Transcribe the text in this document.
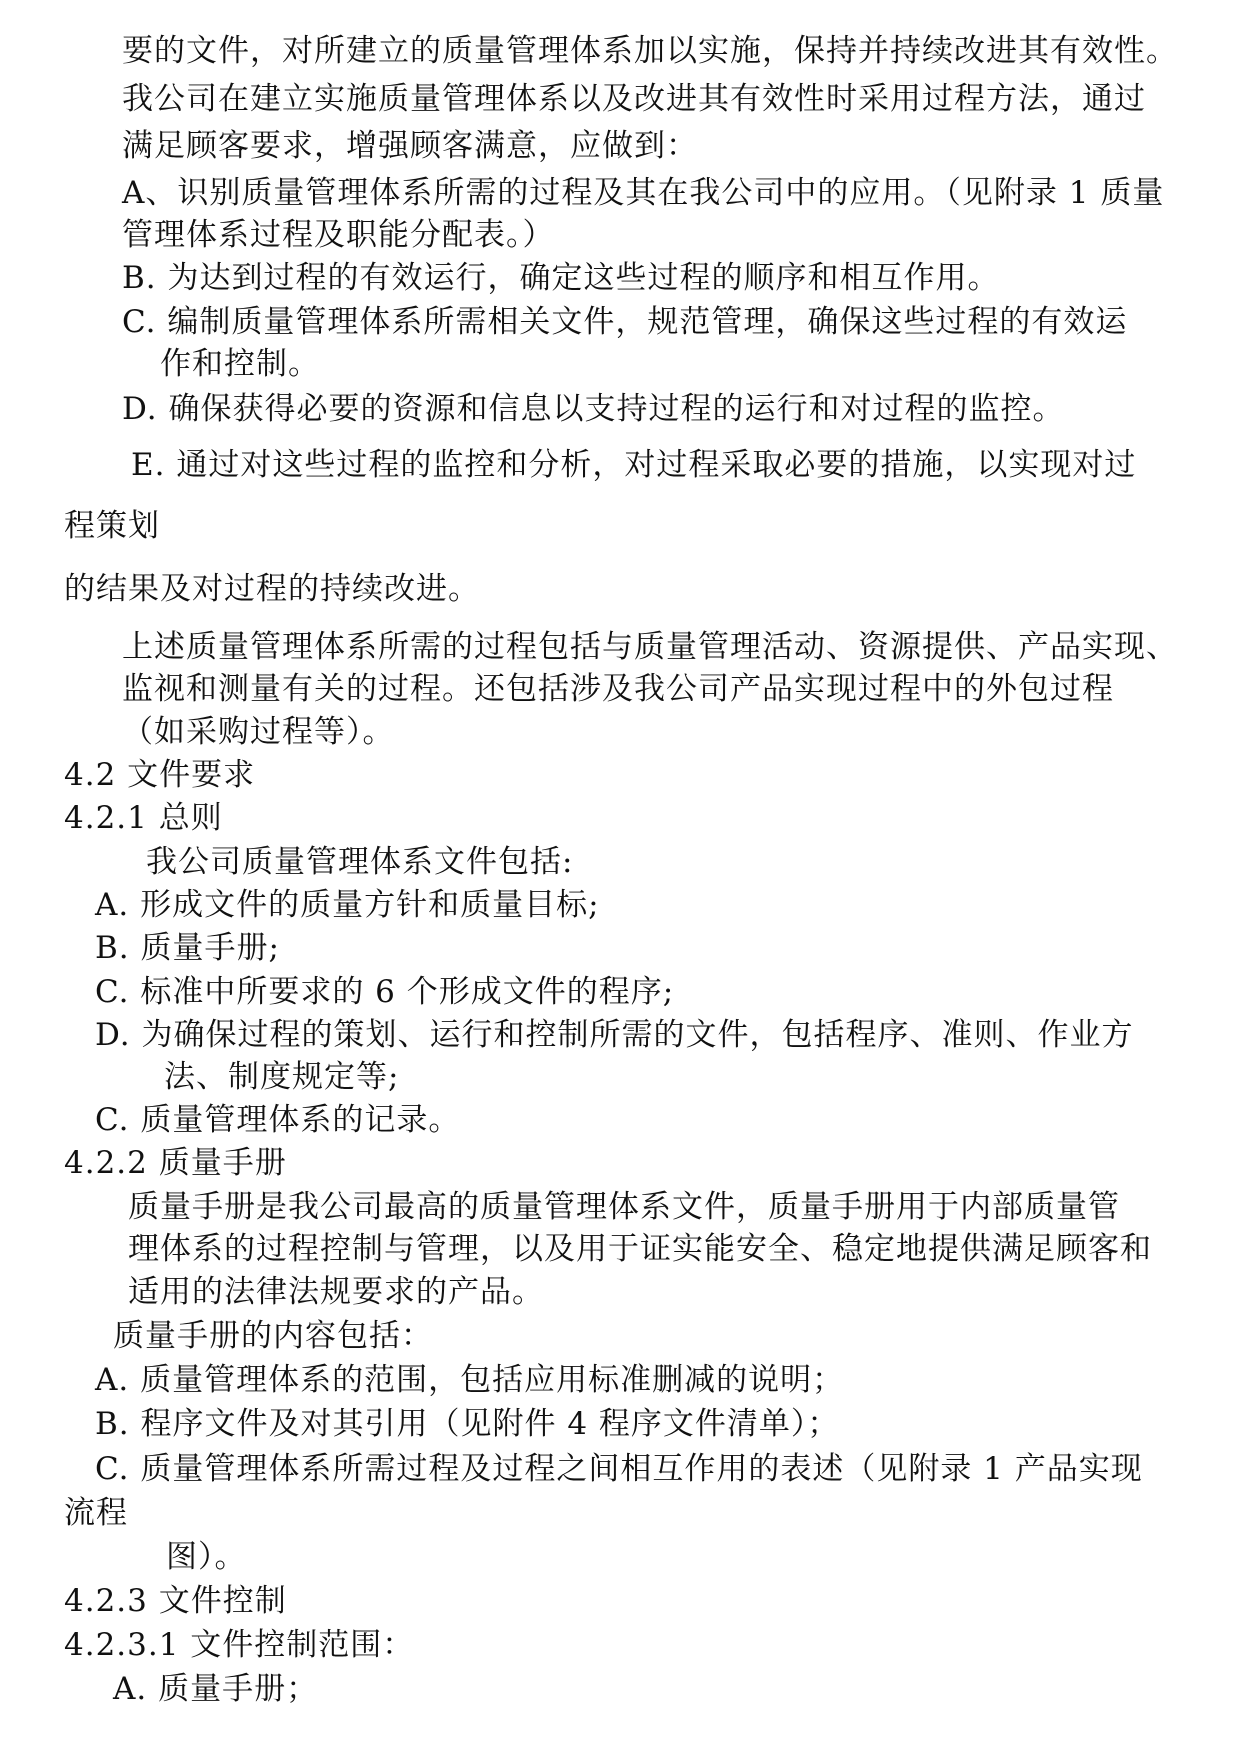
要的文件，对所建立的质量管理体系加以实施，保持并持续改进其有效性。
我公司在建立实施质量管理体系以及改进其有效性时采用过程方法，通过
满足顾客要求，增强顾客满意，应做到：
A、识别质量管理体系所需的过程及其在我公司中的应用。（见附录 1 质量
管理体系过程及职能分配表。）
B. 为达到过程的有效运行，确定这些过程的顺序和相互作用。
C. 编制质量管理体系所需相关文件，规范管理，确保这些过程的有效运
作和控制。
D. 确保获得必要的资源和信息以支持过程的运行和对过程的监控。
E. 通过对这些过程的监控和分析，对过程采取必要的措施，以实现对过
程策划
的结果及对过程的持续改进。
上述质量管理体系所需的过程包括与质量管理活动、资源提供、产品实现、
监视和测量有关的过程。还包括涉及我公司产品实现过程中的外包过程
（如采购过程等）。
4.2 文件要求
4.2.1 总则
我公司质量管理体系文件包括:
A. 形成文件的质量方针和质量目标;
B. 质量手册;
C. 标准中所要求的 6 个形成文件的程序;
D. 为确保过程的策划、运行和控制所需的文件，包括程序、准则、作业方
法、制度规定等;
C. 质量管理体系的记录。
4.2.2 质量手册
质量手册是我公司最高的质量管理体系文件，质量手册用于内部质量管
理体系的过程控制与管理，以及用于证实能安全、稳定地提供满足顾客和
适用的法律法规要求的产品。
质量手册的内容包括：
A. 质量管理体系的范围，包括应用标准删减的说明；
B. 程序文件及对其引用（见附件 4 程序文件清单）；
C. 质量管理体系所需过程及过程之间相互作用的表述（见附录 1 产品实现
流程
图）。
4.2.3 文件控制
4.2.3.1 文件控制范围：
A. 质量手册；
